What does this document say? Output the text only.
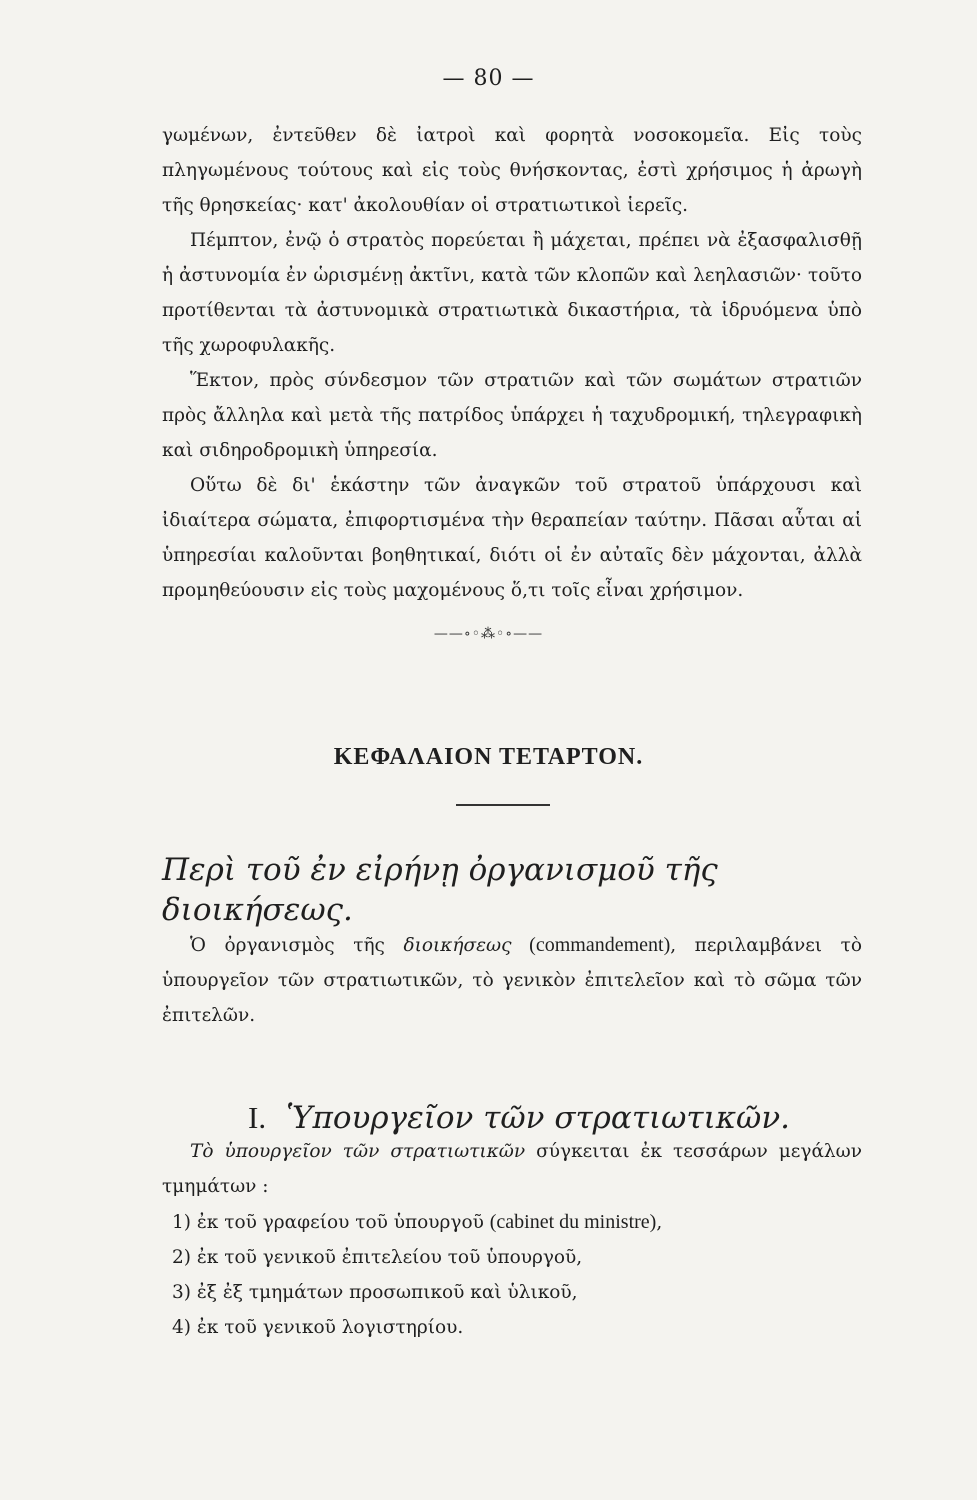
— 80 —

γωμένων, ἐντεῦθεν δὲ ἰατροὶ καὶ φορητὰ νοσοκομεῖα. Εἰς τοὺς πληγωμένους τούτους καὶ εἰς τοὺς θνήσκοντας, ἐστὶ χρήσιμος ἡ ἀρωγὴ τῆς θρησκείας· κατ' ἀκολουθίαν οἱ στρατιωτικοὶ ἱερεῖς.

Πέμπτον, ἐνῷ ὁ στρατὸς πορεύεται ἢ μάχεται, πρέπει νὰ ἐξασφαλισθῇ ἡ ἀστυνομία ἐν ὡρισμένῃ ἀκτῖνι, κατὰ τῶν κλοπῶν καὶ λεηλασιῶν· τοῦτο προτίθενται τὰ ἀστυνομικὰ στρατιωτικὰ δικαστήρια, τὰ ἱδρυόμενα ὑπὸ τῆς χωροφυλακῆς.

Ἕκτον, πρὸς σύνδεσμον τῶν στρατιῶν καὶ τῶν σωμάτων στρατιῶν πρὸς ἄλληλα καὶ μετὰ τῆς πατρίδος ὑπάρχει ἡ ταχυδρομική, τηλεγραφικὴ καὶ σιδηροδρομικὴ ὑπηρεσία.

Οὕτω δὲ δι' ἑκάστην τῶν ἀναγκῶν τοῦ στρατοῦ ὑπάρχουσι καὶ ἰδιαίτερα σώματα, ἐπιφορτισμένα τὴν θεραπείαν ταύτην. Πᾶσαι αὗται αἱ ὑπηρεσίαι καλοῦνται βοηθητικαί, διότι οἱ ἐν αὐταῖς δὲν μάχονται, ἀλλὰ προμηθεύουσιν εἰς τοὺς μαχομένους ὅ,τι τοῖς εἶναι χρήσιμον.

——∘◦⁂◦∘——
ΚΕΦΑΛΑΙΟΝ ΤΕΤΑΡΤΟΝ.
Περὶ τοῦ ἐν εἰρήνῃ ὀργανισμοῦ τῆς διοικήσεως.

Ὁ ὀργανισμὸς τῆς διοικήσεως (commandement), περιλαμβάνει τὸ ὑπουργεῖον τῶν στρατιωτικῶν, τὸ γενικὸν ἐπιτελεῖον καὶ τὸ σῶμα τῶν ἐπιτελῶν.

I. Ὑπουργεῖον τῶν στρατιωτικῶν.

Τὸ ὑπουργεῖον τῶν στρατιωτικῶν σύγκειται ἐκ τεσσάρων μεγάλων τμημάτων :

1) ἐκ τοῦ γραφείου τοῦ ὑπουργοῦ (cabinet du ministre),
2) ἐκ τοῦ γενικοῦ ἐπιτελείου τοῦ ὑπουργοῦ,
3) ἐξ ἐξ τμημάτων προσωπικοῦ καὶ ὑλικοῦ,
4) ἐκ τοῦ γενικοῦ λογιστηρίου.
